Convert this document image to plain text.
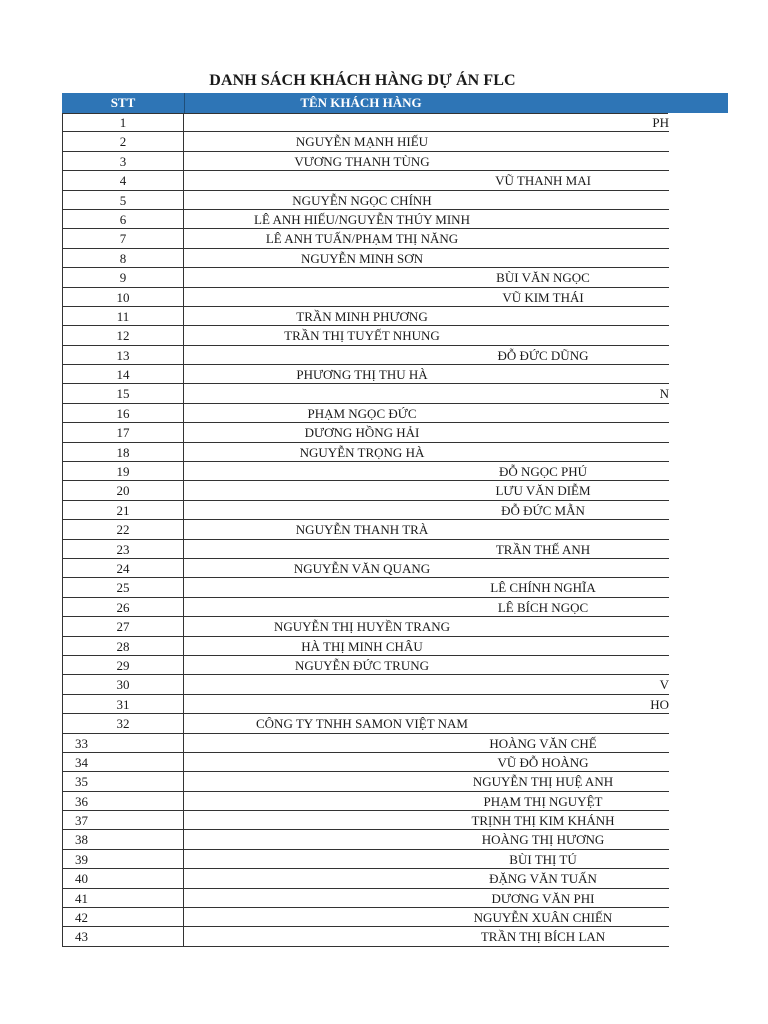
DANH SÁCH KHÁCH HÀNG DỰ ÁN FLC
STT	TÊN KHÁCH HÀNG
1	PH
2	NGUYỄN MẠNH HIẾU
3	VƯƠNG THANH TÙNG
4	VŨ THANH MAI
5	NGUYỄN NGỌC CHÍNH
6	LÊ ANH HIẾU/NGUYỄN THÚY MINH
7	LÊ ANH TUẤN/PHẠM THỊ NĂNG
8	NGUYỄN MINH SƠN
9	BÙI VĂN NGỌC
10	VŨ KIM THÁI
11	TRẦN MINH PHƯƠNG
12	TRẦN THỊ TUYẾT NHUNG
13	ĐỖ ĐỨC DŨNG
14	PHƯƠNG THỊ THU HÀ
15	N
16	PHẠM NGỌC ĐỨC
17	DƯƠNG HỒNG HẢI
18	NGUYỄN TRỌNG HÀ
19	ĐỖ NGỌC PHÚ
20	LƯU VĂN DIỄM
21	ĐỖ ĐỨC MẪN
22	NGUYỄN THANH TRÀ
23	TRẦN THẾ ANH
24	NGUYỄN VĂN QUANG
25	LÊ CHÍNH NGHĨA
26	LÊ BÍCH NGỌC
27	NGUYỄN THỊ HUYỀN TRANG
28	HÀ THỊ MINH CHÂU
29	NGUYỄN ĐỨC TRUNG
30	V
31	HO
32	CÔNG TY TNHH SAMON VIỆT NAM
33	HOÀNG VĂN CHẾ
34	VŨ ĐỖ HOÀNG
35	NGUYỄN THỊ HUỆ ANH
36	PHẠM THỊ NGUYỆT
37	TRỊNH THỊ KIM KHÁNH
38	HOÀNG THỊ HƯƠNG
39	BÙI THỊ TÚ
40	ĐẶNG VĂN TUẤN
41	DƯƠNG VĂN PHI
42	NGUYỄN XUÂN CHIẾN
43	TRẦN THỊ BÍCH LAN
